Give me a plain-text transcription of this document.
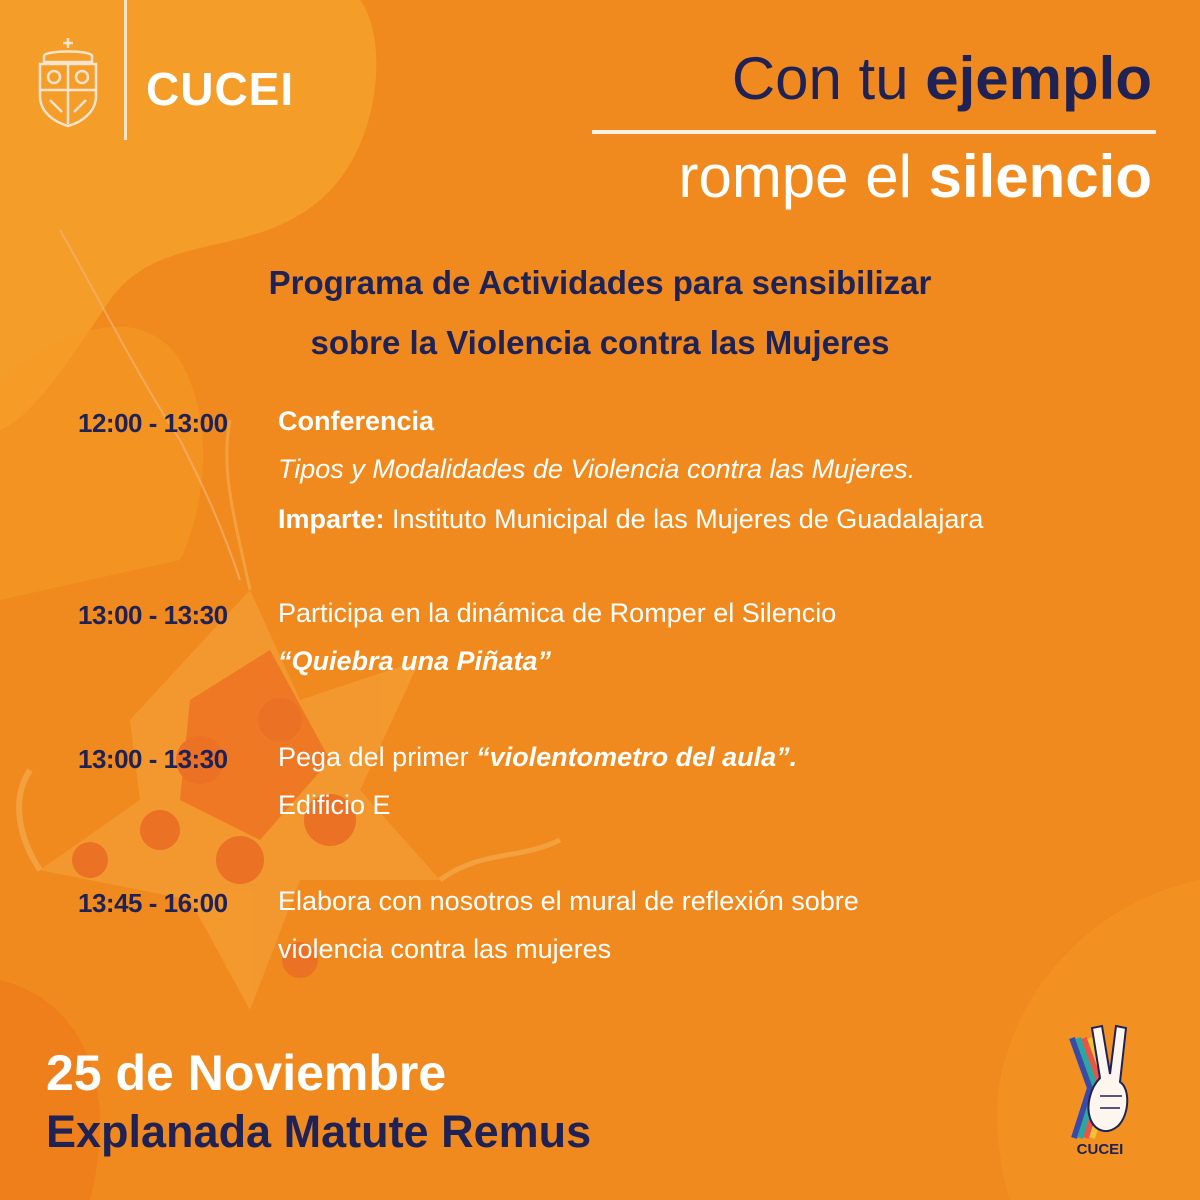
CUCEI	Con tu ejemplo
rompe el silencio
Programa de Actividades para sensibilizar
sobre la Violencia contra las Mujeres
12:00 - 13:00 Conferencia
Tipos y Modalidades de Violencia contra las Mujeres.
Imparte: Instituto Municipal de las Mujeres de Guadalajara
13:00 - 13:30 Participa en la dinámica de Romper el Silencio
“Quiebra una Piñata”
13:00 - 13:30 Pega del primer “violentometro del aula”.
Edificio E
13:45 - 16:00 Elabora con nosotros el mural de reflexión sobre
violencia contra las mujeres
25 de Noviembre
Explanada Matute Remus	CUCEI
